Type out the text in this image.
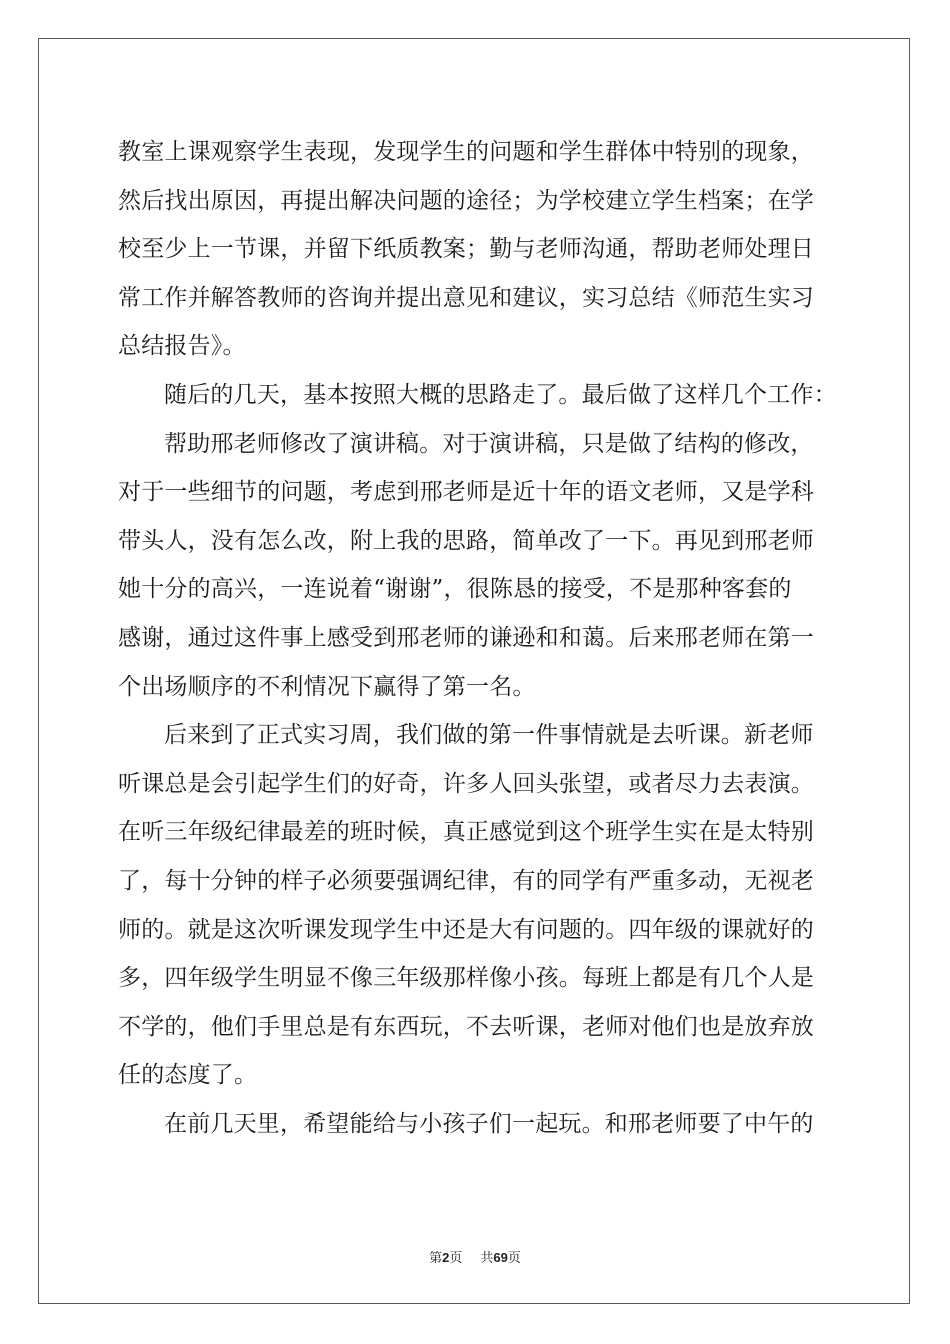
教室上课观察学生表现，发现学生的问题和学生群体中特别的现象，
然后找出原因，再提出解决问题的途径；为学校建立学生档案；在学
校至少上一节课，并留下纸质教案；勤与老师沟通，帮助老师处理日
常工作并解答教师的咨询并提出意见和建议，实习总结《师范生实习
总结报告》。
随后的几天，基本按照大概的思路走了。最后做了这样几个工作：
帮助邢老师修改了演讲稿。对于演讲稿，只是做了结构的修改，
对于一些细节的问题，考虑到邢老师是近十年的语文老师，又是学科
带头人，没有怎么改，附上我的思路，简单改了一下。再见到邢老师
她十分的高兴，一连说着“谢谢”，很陈恳的接受，不是那种客套的
感谢，通过这件事上感受到邢老师的谦逊和和蔼。后来邢老师在第一
个出场顺序的不利情况下赢得了第一名。
后来到了正式实习周，我们做的第一件事情就是去听课。新老师
听课总是会引起学生们的好奇，许多人回头张望，或者尽力去表演。
在听三年级纪律最差的班时候，真正感觉到这个班学生实在是太特别
了，每十分钟的样子必须要强调纪律，有的同学有严重多动，无视老
师的。就是这次听课发现学生中还是大有问题的。四年级的课就好的
多，四年级学生明显不像三年级那样像小孩。每班上都是有几个人是
不学的，他们手里总是有东西玩，不去听课，老师对他们也是放弃放
任的态度了。
在前几天里，希望能给与小孩子们一起玩。和邢老师要了中午的
第2页 共69页
